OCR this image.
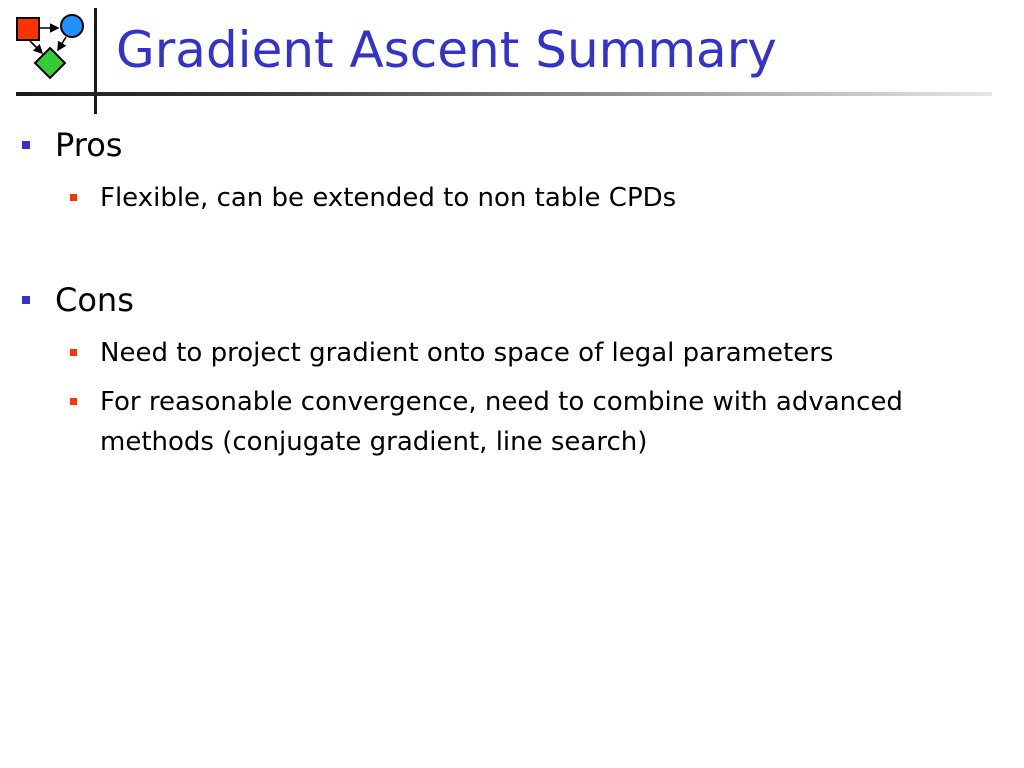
Gradient Ascent Summary
Pros
Flexible, can be extended to non table CPDs
Cons
Need to project gradient onto space of legal parameters
For reasonable convergence, need to combine with advanced methods (conjugate gradient, line search)
